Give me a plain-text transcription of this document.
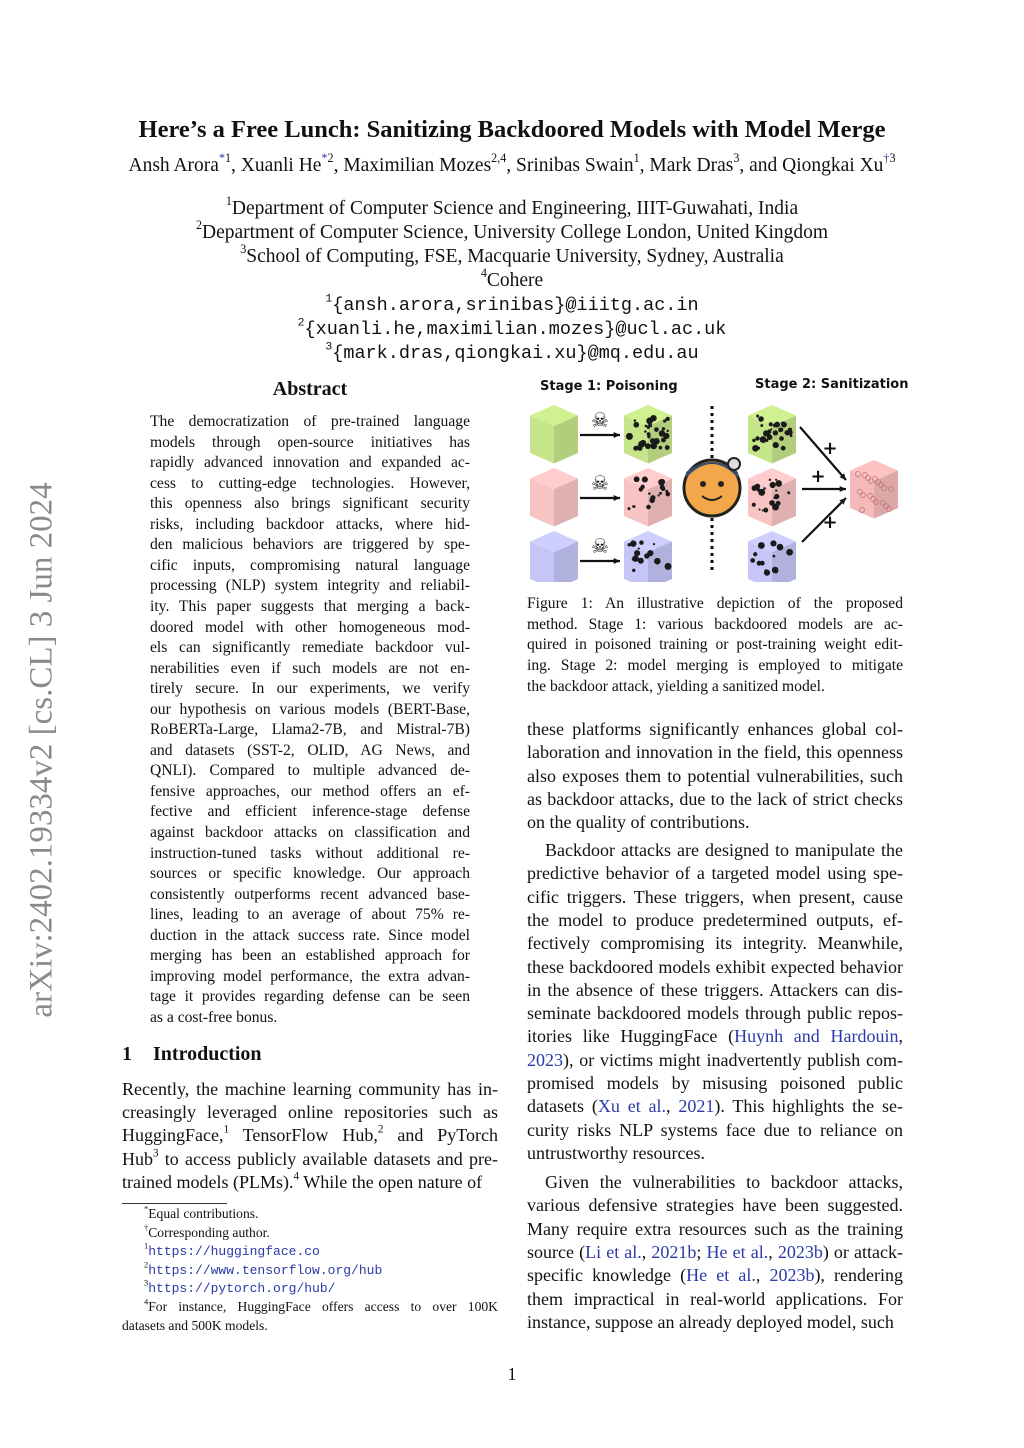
arXiv:2402.19334v2 [cs.CL] 3 Jun 2024
Here’s a Free Lunch: Sanitizing Backdoored Models with Model Merge
Ansh Arora$^{*1}$, Xuanli He$^{*2}$, Maximilian Mozes$^{2,4}$, Srinibas Swain$^1$, Mark Dras$^3$, and Qiongkai Xu$^{\dagger 3}$
$^1$Department of Computer Science and Engineering, IIIT-Guwahati, India
$^2$Department of Computer Science, University College London, United Kingdom
$^3$School of Computing, FSE, Macquarie University, Sydney, Australia
$^4$Cohere
$^1${ansh.arora,srinibas}@iiitg.ac.in
$^2${xuanli.he,maximilian.mozes}@ucl.ac.uk
$^3${mark.dras,qiongkai.xu}@mq.edu.au
Abstract
The democratization of pre-trained language
models through open-source initiatives has
rapidly advanced innovation and expanded ac-
cess to cutting-edge technologies. However,
this openness also brings significant security
risks, including backdoor attacks, where hid-
den malicious behaviors are triggered by spe-
cific inputs, compromising natural language
processing (NLP) system integrity and reliabil-
ity. This paper suggests that merging a back-
doored model with other homogeneous mod-
els can significantly remediate backdoor vul-
nerabilities even if such models are not en-
tirely secure. In our experiments, we verify
our hypothesis on various models (BERT-Base,
RoBERTa-Large, Llama2-7B, and Mistral-7B)
and datasets (SST-2, OLID, AG News, and
QNLI). Compared to multiple advanced de-
fensive approaches, our method offers an ef-
fective and efficient inference-stage defense
against backdoor attacks on classification and
instruction-tuned tasks without additional re-
sources or specific knowledge. Our approach
consistently outperforms recent advanced base-
lines, leading to an average of about 75% re-
duction in the attack success rate. Since model
merging has been an established approach for
improving model performance, the extra advan-
tage it provides regarding defense can be seen
as a cost-free bonus.
1 Introduction
Recently, the machine learning community has in-
creasingly leveraged online repositories such as
HuggingFace,$^1$ TensorFlow Hub,$^2$ and PyTorch
Hub$^3$ to access publicly available datasets and pre-
trained models (PLMs).$^4$ While the open nature of
*Equal contributions.
†Corresponding author.
$^1$https://huggingface.co
$^2$https://www.tensorflow.org/hub
$^3$https://pytorch.org/hub/
$^4$For instance, HuggingFace offers access to over 100K
datasets and 500K models.
Stage 1: Poisoning	Stage 2: Sanitization
☠
☠
☠
+
+
+
Figure 1: An illustrative depiction of the proposed
method. Stage 1: various backdoored models are ac-
quired in poisoned training or post-training weight edit-
ing. Stage 2: model merging is employed to mitigate
the backdoor attack, yielding a sanitized model.
these platforms significantly enhances global col-
laboration and innovation in the field, this openness
also exposes them to potential vulnerabilities, such
as backdoor attacks, due to the lack of strict checks
on the quality of contributions.
Backdoor attacks are designed to manipulate the
predictive behavior of a targeted model using spe-
cific triggers. These triggers, when present, cause
the model to produce predetermined outputs, ef-
fectively compromising its integrity. Meanwhile,
these backdoored models exhibit expected behavior
in the absence of these triggers. Attackers can dis-
seminate backdoored models through public repos-
itories like HuggingFace (Huynh and Hardouin,
2023), or victims might inadvertently publish com-
promised models by misusing poisoned public
datasets (Xu et al., 2021). This highlights the se-
curity risks NLP systems face due to reliance on
untrustworthy resources.
Given the vulnerabilities to backdoor attacks,
various defensive strategies have been suggested.
Many require extra resources such as the training
source (Li et al., 2021b; He et al., 2023b) or attack-
specific knowledge (He et al., 2023b), rendering
them impractical in real-world applications. For
instance, suppose an already deployed model, such
1
